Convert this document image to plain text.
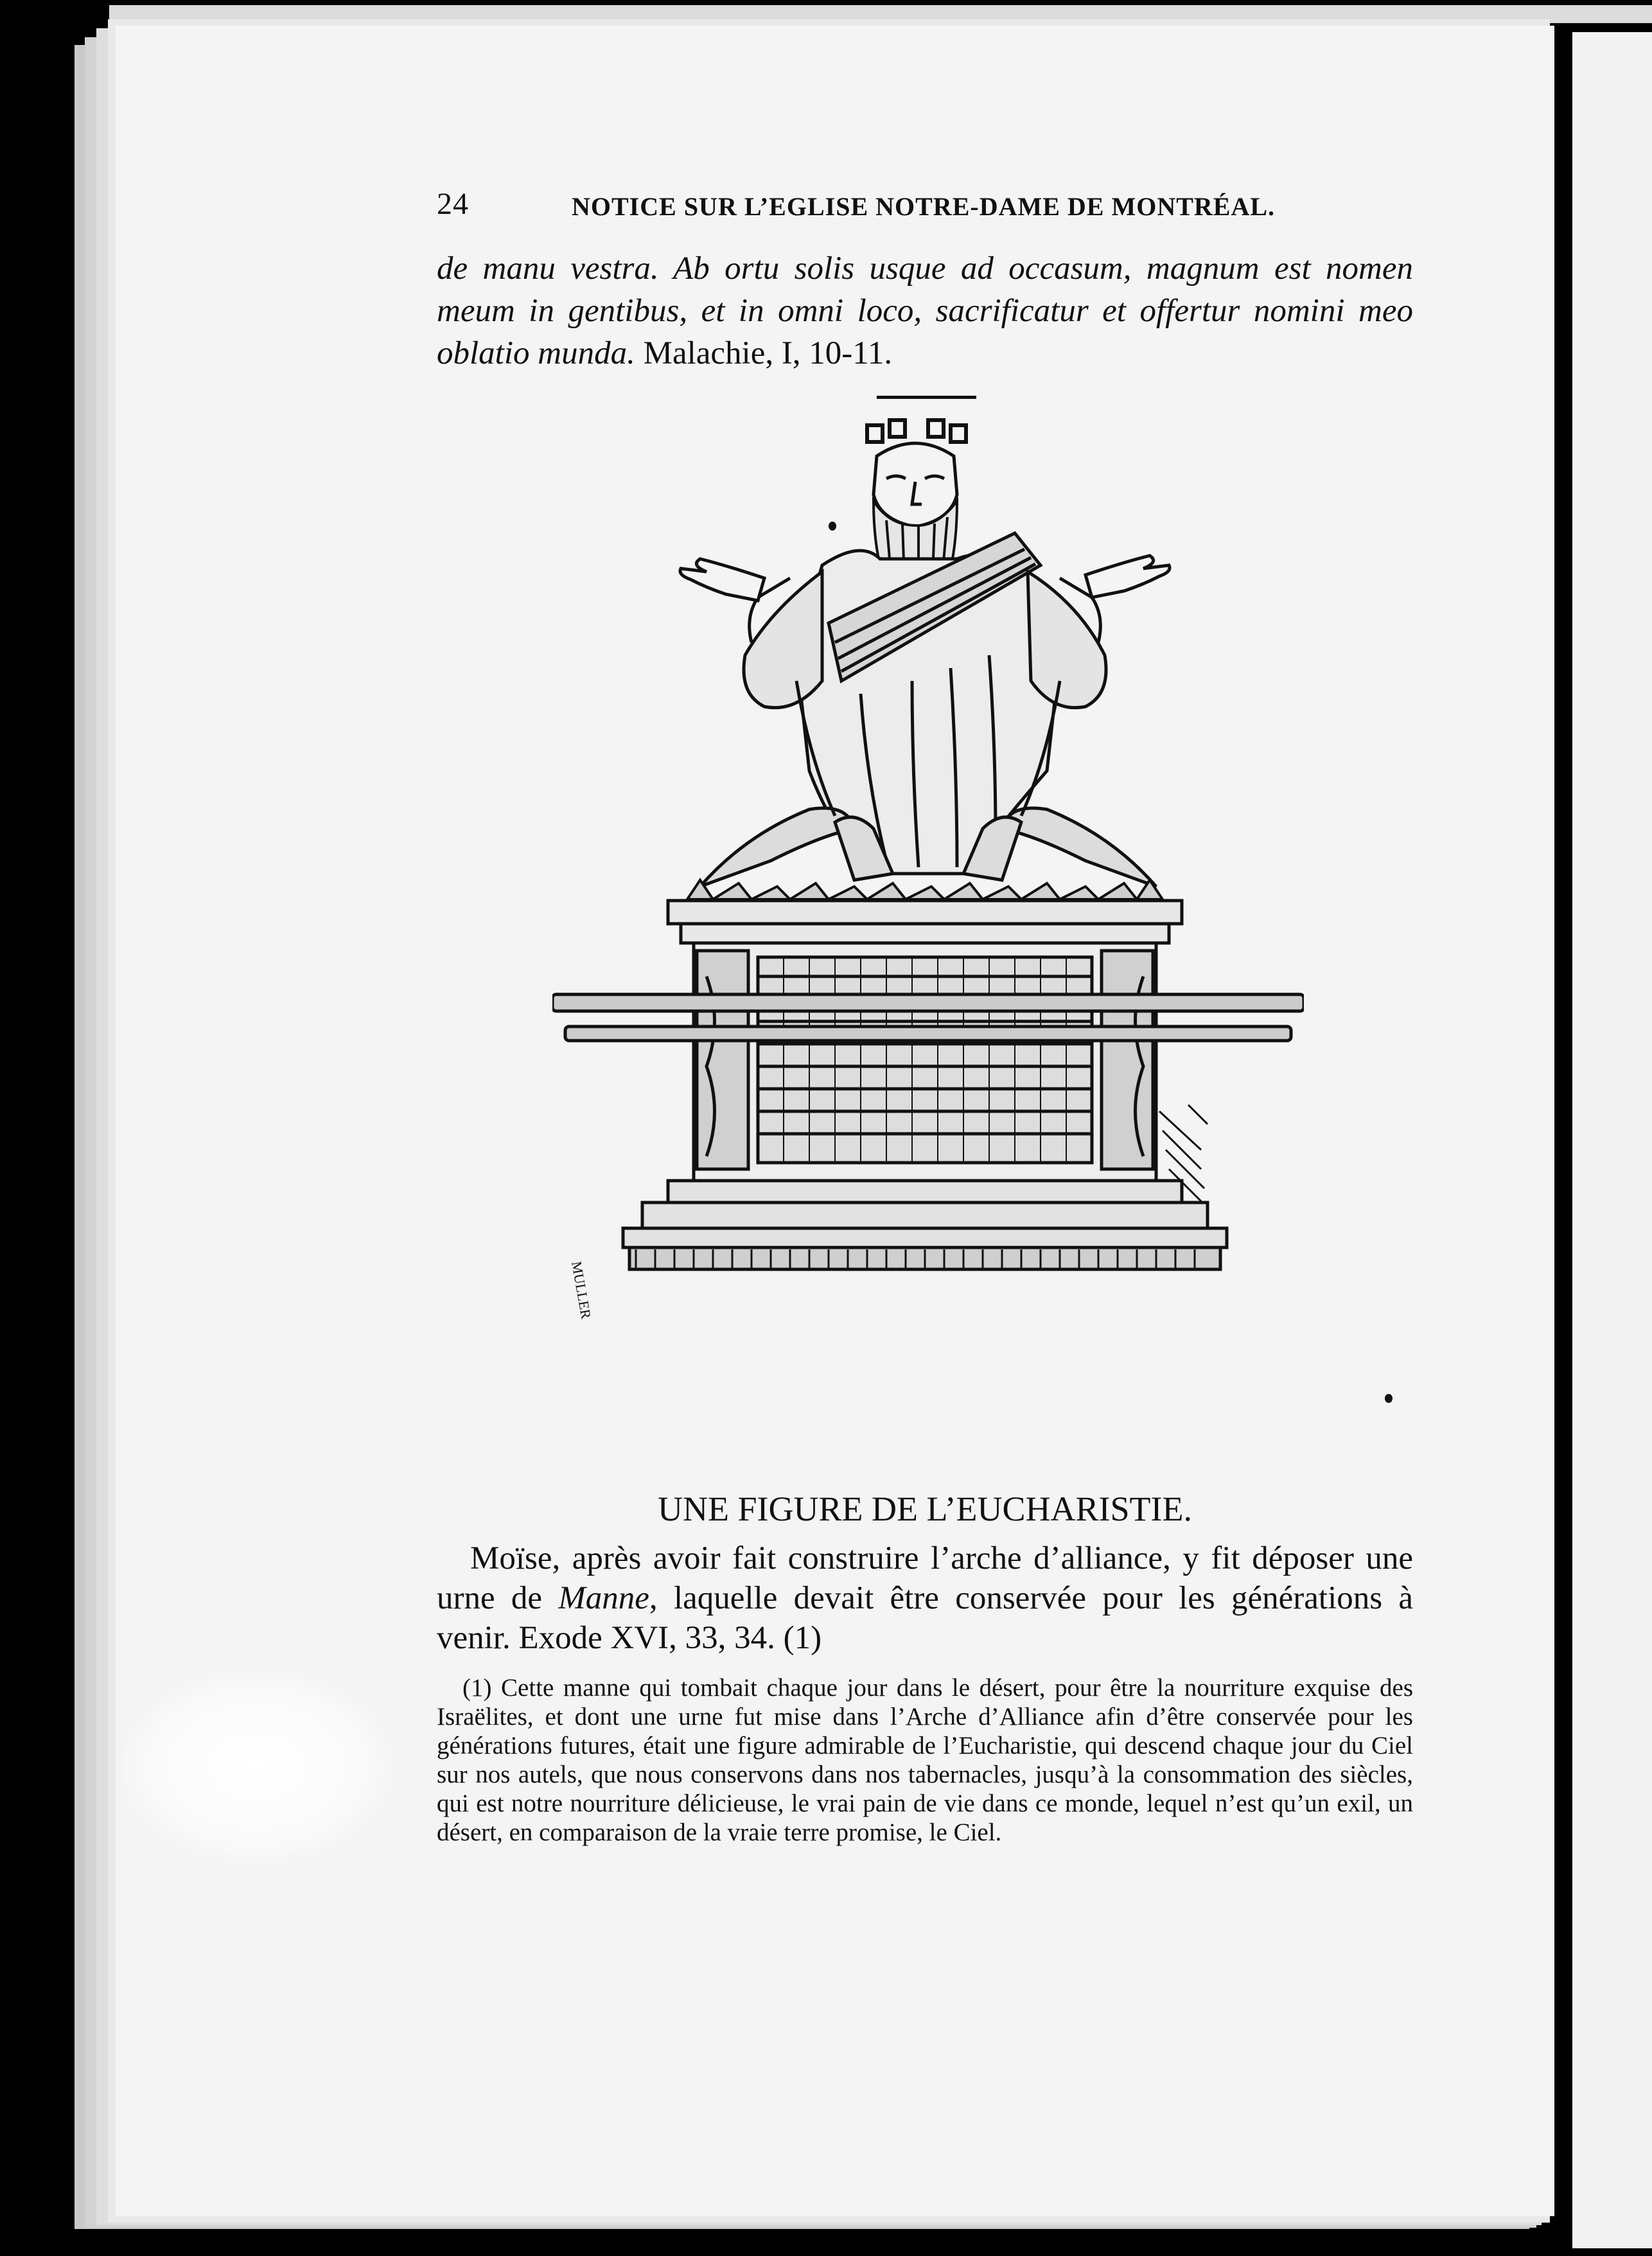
24	NOTICE SUR L’EGLISE NOTRE-DAME DE MONTRÉAL.
de manu vestra. Ab ortu solis usque ad occasum, magnum est nomen meum in gentibus, et in omni loco, sacrificatur et offertur nomini meo oblatio munda. Malachie, I, 10-11.
MULLER
UNE FIGURE DE L’EUCHARISTIE.
Moïse, après avoir fait construire l’arche d’alliance, y fit déposer une urne de Manne, laquelle devait être conservée pour les générations à venir. Exode XVI, 33, 34. (1)
(1) Cette manne qui tombait chaque jour dans le désert, pour être la nourriture exquise des Israëlites, et dont une urne fut mise dans l’Arche d’Alliance afin d’être conservée pour les générations futures, était une figure admirable de l’Eucharistie, qui descend chaque jour du Ciel sur nos autels, que nous conservons dans nos tabernacles, jusqu’à la consommation des siècles, qui est notre nourriture délicieuse, le vrai pain de vie dans ce monde, lequel n’est qu’un exil, un désert, en comparaison de la vraie terre promise, le Ciel.
